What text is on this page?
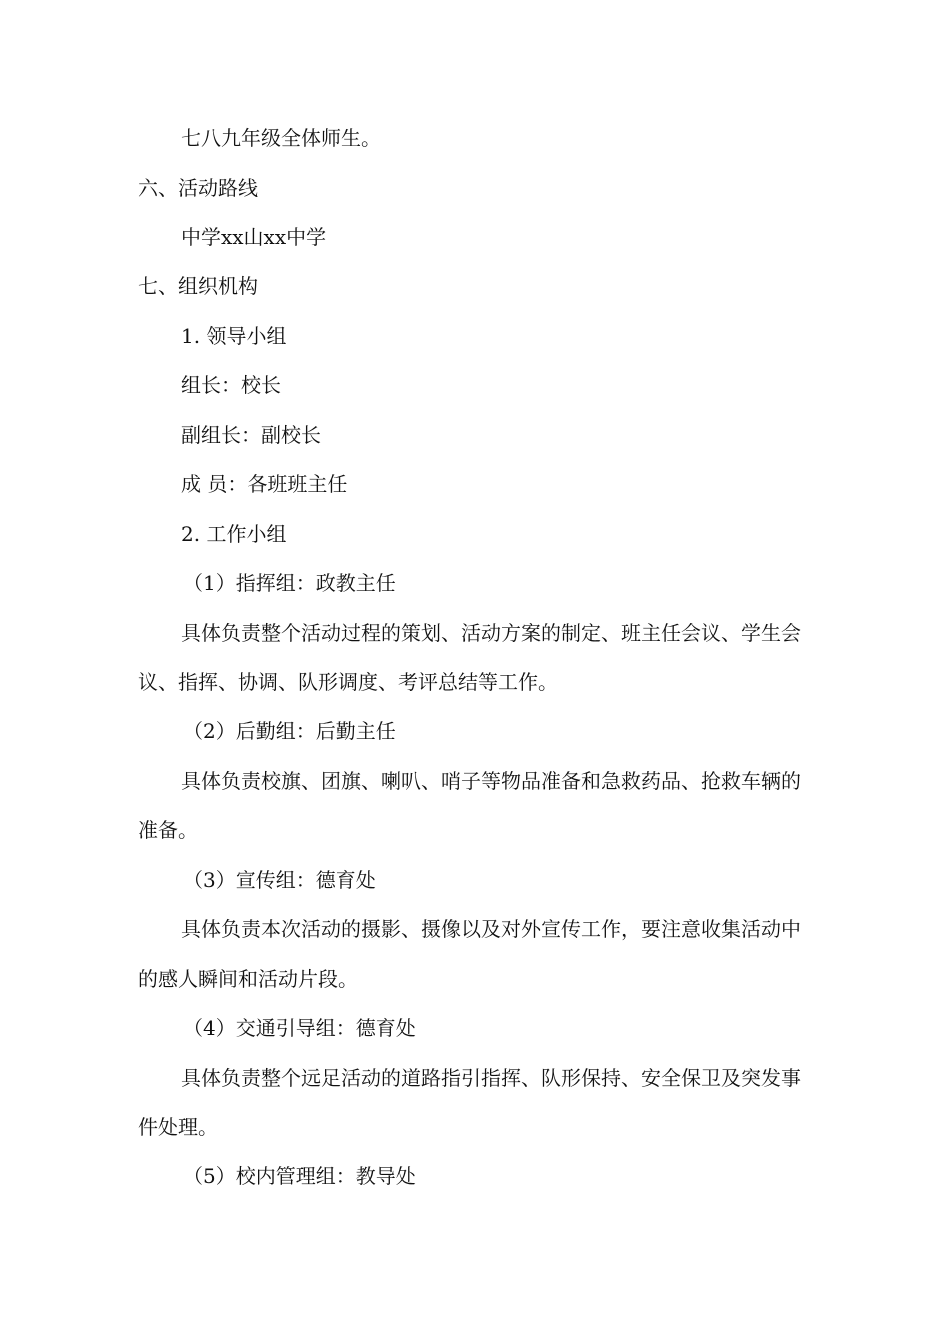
七八九年级全体师生。
六、活动路线
中学xx山xx中学
七、组织机构
1. 领导小组
组长：校长
副组长：副校长
成 员：各班班主任
2. 工作小组
（1）指挥组：政教主任
具体负责整个活动过程的策划、活动方案的制定、班主任会议、学生会
议、指挥、协调、队形调度、考评总结等工作。
（2）后勤组：后勤主任
具体负责校旗、团旗、喇叭、哨子等物品准备和急救药品、抢救车辆的
准备。
（3）宣传组：德育处
具体负责本次活动的摄影、摄像以及对外宣传工作，要注意收集活动中
的感人瞬间和活动片段。
（4）交通引导组：德育处
具体负责整个远足活动的道路指引指挥、队形保持、安全保卫及突发事
件处理。
（5）校内管理组：教导处
